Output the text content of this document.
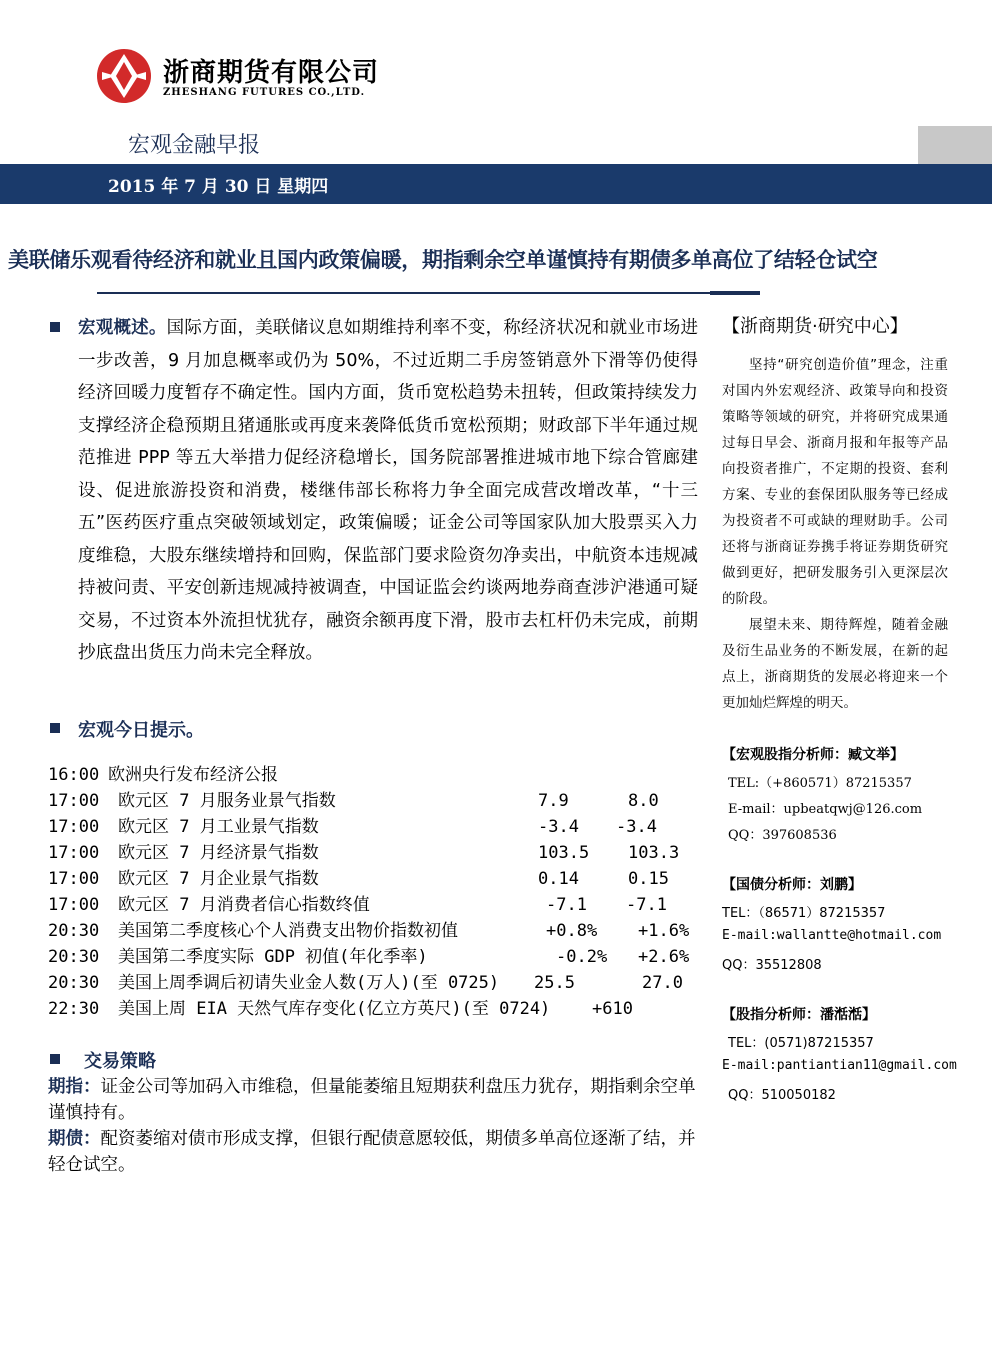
浙商期货有限公司
ZHESHANG FUTURES CO.,LTD.
宏观金融早报
2015 年 7 月 30 日 星期四
美联储乐观看待经济和就业且国内政策偏暖，期指剩余空单谨慎持有期债多单高位了结轻仓试空
宏观概述。国际方面，美联储议息如期维持利率不变，称经济状况和就业市场进一步改善，9 月加息概率或仍为 50%，不过近期二手房签销意外下滑等仍使得经济回暖力度暂存不确定性。国内方面，货币宽松趋势未扭转，但政策持续发力支撑经济企稳预期且猪通胀或再度来袭降低货币宽松预期；财政部下半年通过规范推进 PPP 等五大举措力促经济稳增长，国务院部署推进城市地下综合管廊建设、促进旅游投资和消费，楼继伟部长称将力争全面完成营改增改革，“十三五”医药医疗重点突破领域划定，政策偏暖；证金公司等国家队加大股票买入力度维稳，大股东继续增持和回购，保监部门要求险资勿净卖出，中航资本违规减持被问责、平安创新违规减持被调查，中国证监会约谈两地券商查涉沪港通可疑交易，不过资本外流担忧犹存，融资余额再度下滑，股市去杠杆仍未完成，前期抄底盘出货压力尚未完全释放。
宏观今日提示。
16:00 欧洲央行发布经济公报
17:00 欧元区 7 月服务业景气指数	7.9	8.0
17:00 欧元区 7 月工业景气指数	-3.4 -3.4
17:00 欧元区 7 月经济景气指数	103.5 103.3
17:00 欧元区 7 月企业景气指数	0.14	0.15
17:00 欧元区 7 月消费者信心指数终值	-7.1 -7.1
20:30 美国第二季度核心个人消费支出物价指数初值	+0.8% +1.6%
20:30 美国第二季度实际 GDP 初值(年化季率)	-0.2% +2.6%
20:30 美国上周季调后初请失业金人数(万人)(至 0725) 25.5	27.0
22:30 美国上周 EIA 天然气库存变化(亿立方英尺)(至 0724) +610
交易策略
期指：证金公司等加码入市维稳，但量能萎缩且短期获利盘压力犹存，期指剩余空单谨慎持有。
期债：配资萎缩对债市形成支撑，但银行配债意愿较低，期债多单高位逐渐了结，并轻仓试空。
【浙商期货·研究中心】
坚持“研究创造价值”理念，注重对国内外宏观经济、政策导向和投资策略等领域的研究，并将研究成果通过每日早会、浙商月报和年报等产品向投资者推广，不定期的投资、套利方案、专业的套保团队服务等已经成为投资者不可或缺的理财助手。公司还将与浙商证券携手将证券期货研究做到更好，把研发服务引入更深层次的阶段。
展望未来、期待辉煌，随着金融及衍生品业务的不断发展，在新的起点上，浙商期货的发展必将迎来一个更加灿烂辉煌的明天。
【宏观股指分析师：臧文举】
TEL:（+860571）87215357
E-mail：upbeatqwj@126.com
QQ：397608536
【国债分析师：刘鹏】
TEL：（86571）87215357
E-mail:wallantte@hotmail.com
QQ：35512808
【股指分析师：潘湉湉】
TEL：(0571)87215357
E-mail:pantiantian11@gmail.com
QQ：510050182
